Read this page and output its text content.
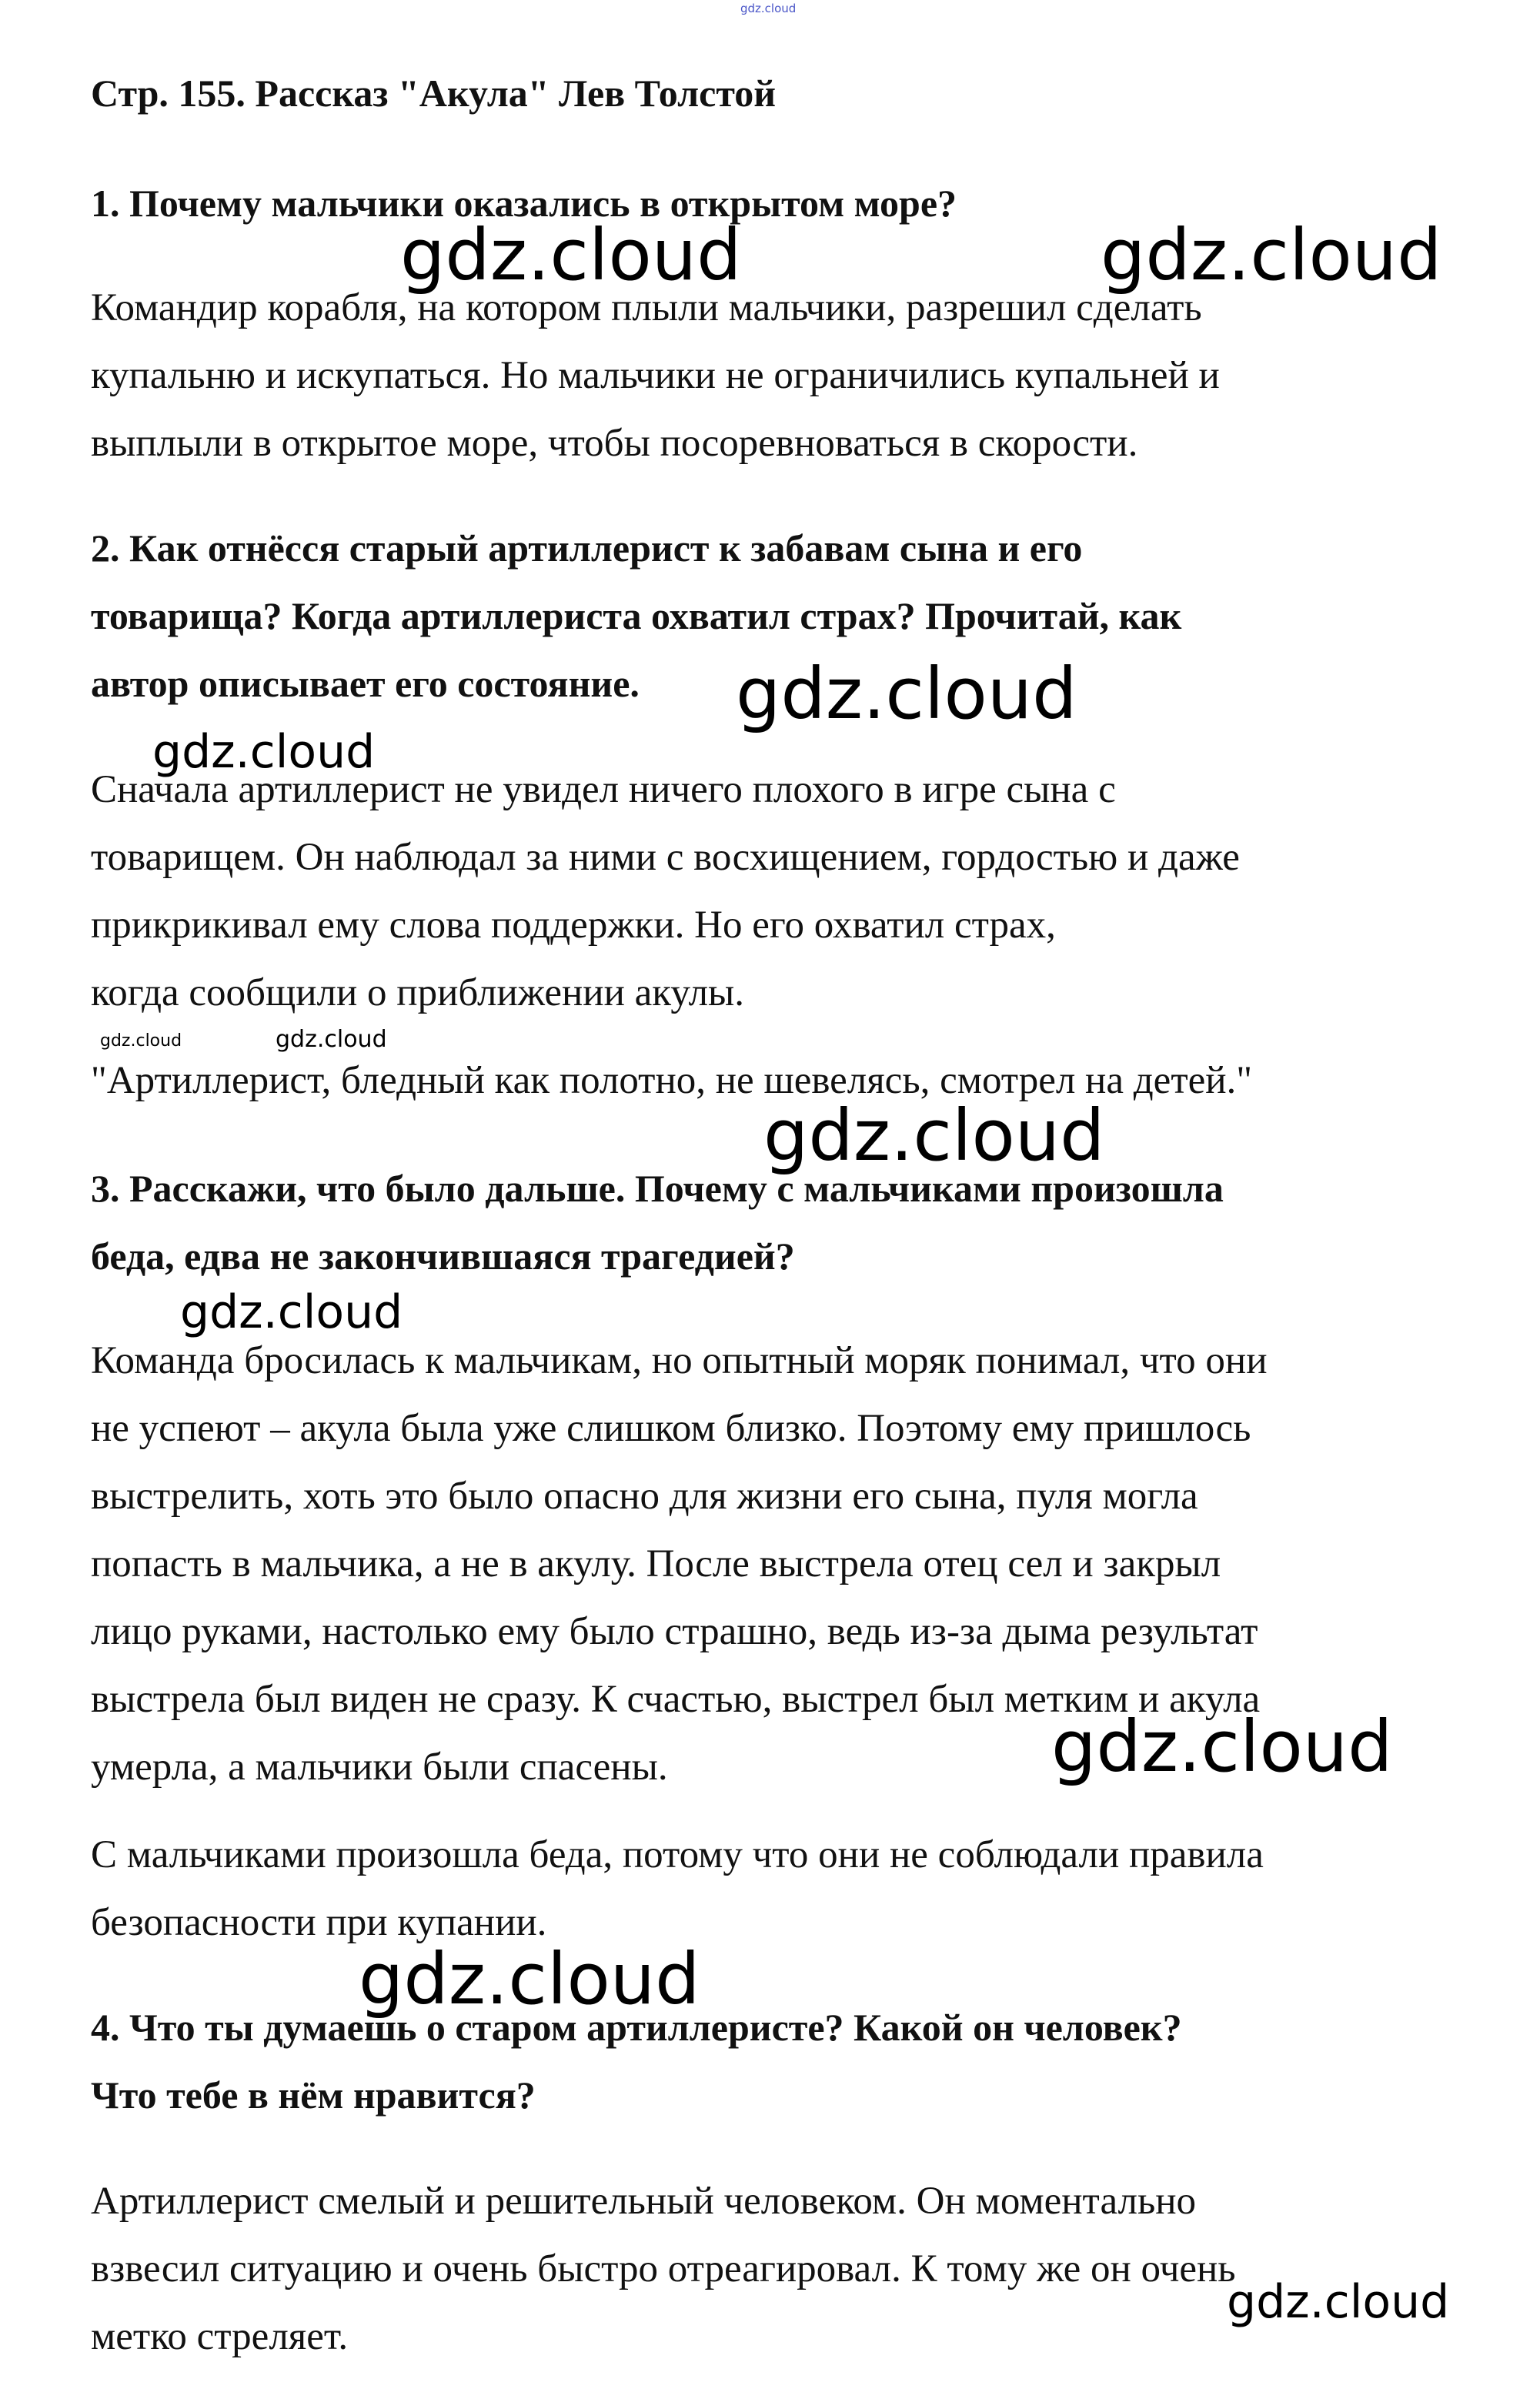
gdz.cloud
Стр. 155. Рассказ "Акула" Лев Толстой
1. Почему мальчики оказались в открытом море?
Командир корабля, на котором плыли мальчики, разрешил сделать
купальню и искупаться. Но мальчики не ограничились купальней и
выплыли в открытое море, чтобы посоревноваться в скорости.
2. Как отнёсся старый артиллерист к забавам сына и его
товарища? Когда артиллериста охватил страх? Прочитай, как
автор описывает его состояние.
Сначала артиллерист не увидел ничего плохого в игре сына с
товарищем. Он наблюдал за ними с восхищением, гордостью и даже
прикрикивал ему слова поддержки. Но его охватил страх,
когда сообщили о приближении акулы.
"Артиллерист, бледный как полотно, не шевелясь, смотрел на детей."
3. Расскажи, что было дальше. Почему с мальчиками произошла
беда, едва не закончившаяся трагедией?
Команда бросилась к мальчикам, но опытный моряк понимал, что они
не успеют – акула была уже слишком близко. Поэтому ему пришлось
выстрелить, хоть это было опасно для жизни его сына, пуля могла
попасть в мальчика, а не в акулу. После выстрела отец сел и закрыл
лицо руками, настолько ему было страшно, ведь из-за дыма результат
выстрела был виден не сразу. К счастью, выстрел был метким и акула
умерла, а мальчики были спасены.
С мальчиками произошла беда, потому что они не соблюдали правила
безопасности при купании.
4. Что ты думаешь о старом артиллеристе? Какой он человек?
Что тебе в нём нравится?
Артиллерист смелый и решительный человеком. Он моментально
взвесил ситуацию и очень быстро отреагировал. К тому же он очень
метко стреляет.
gdz.cloud	gdz.cloud
gdz.cloud
gdz.cloud
gdz.cloud	gdz.cloud
gdz.cloud
gdz.cloud
gdz.cloud
gdz.cloud
gdz.cloud
